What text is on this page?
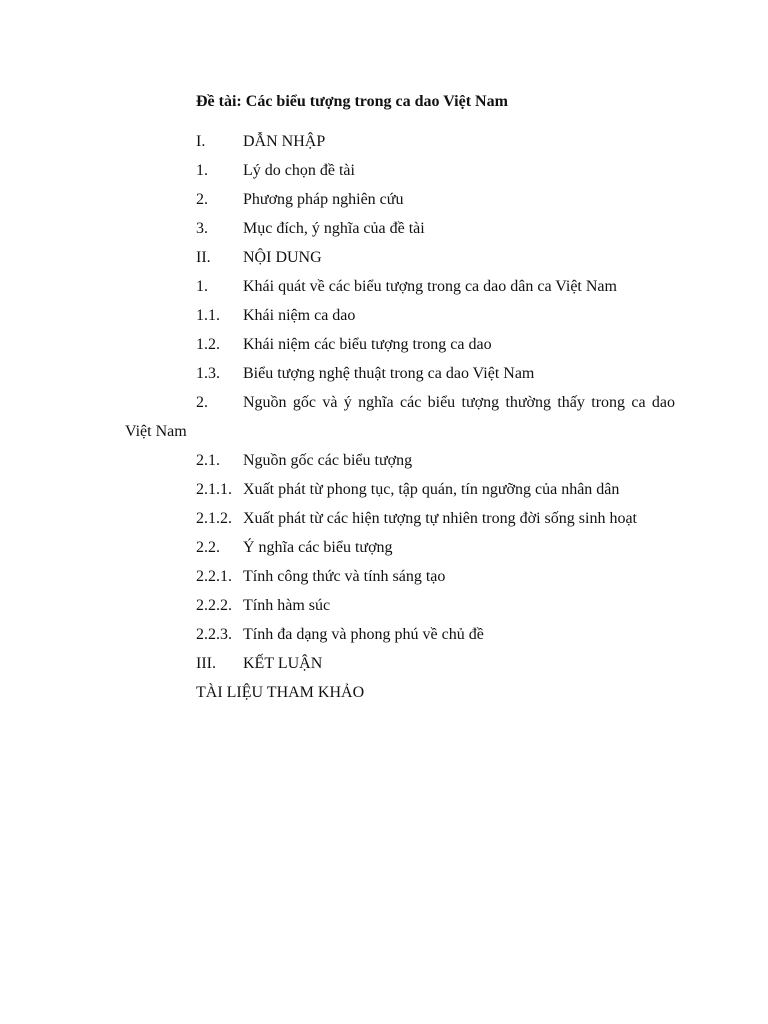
Đề tài: Các biểu tượng trong ca dao Việt Nam
I. DẪN NHẬP
1. Lý do chọn đề tài
2. Phương pháp nghiên cứu
3. Mục đích, ý nghĩa của đề tài
II. NỘI DUNG
1. Khái quát về các biểu tượng trong ca dao dân ca Việt Nam
1.1. Khái niệm ca dao
1.2. Khái niệm các biểu tượng trong ca dao
1.3. Biểu tượng nghệ thuật trong ca dao Việt Nam
2. Nguồn gốc và ý nghĩa các biểu tượng thường thấy trong ca dao
Việt Nam
2.1. Nguồn gốc các biểu tượng
2.1.1. Xuất phát từ phong tục, tập quán, tín ngưỡng của nhân dân
2.1.2. Xuất phát từ các hiện tượng tự nhiên trong đời sống sinh hoạt
2.2. Ý nghĩa các biểu tượng
2.2.1. Tính công thức và tính sáng tạo
2.2.2. Tính hàm súc
2.2.3. Tính đa dạng và phong phú về chủ đề
III. KẾT LUẬN
TÀI LIỆU THAM KHẢO
